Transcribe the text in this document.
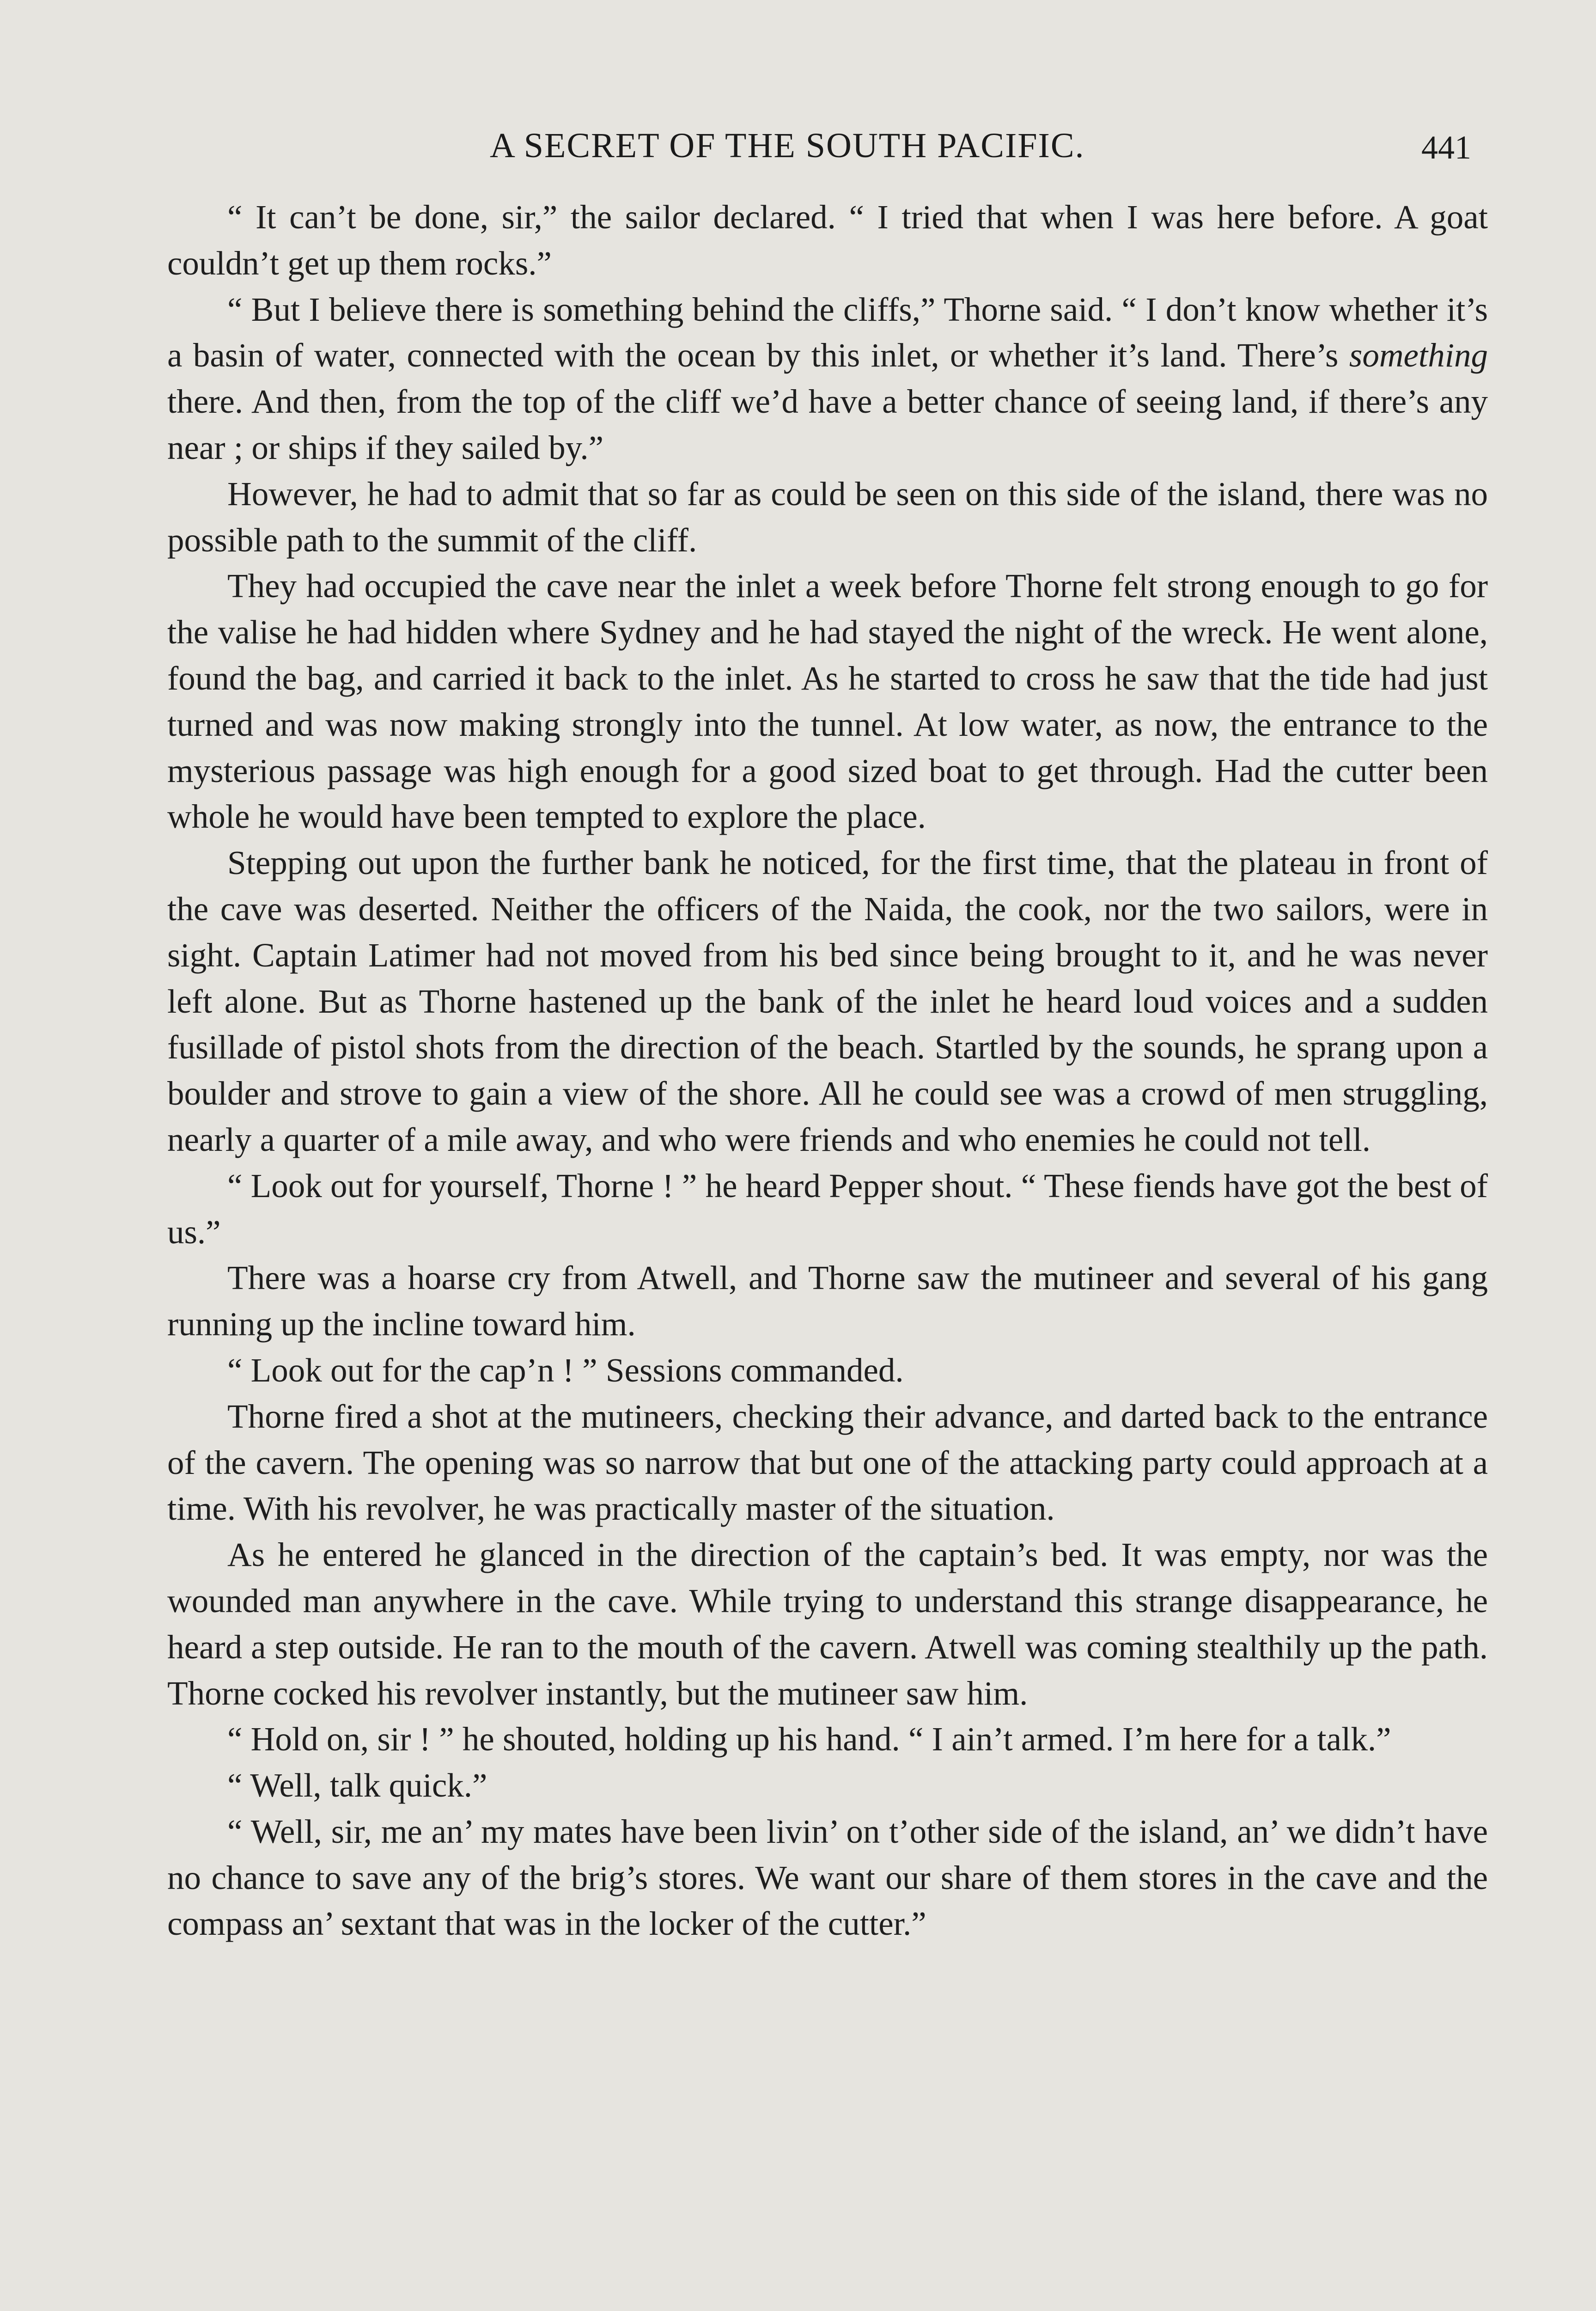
A SECRET OF THE SOUTH PACIFIC.	441

“ It can’t be done, sir,” the sailor declared. “ I tried that when I was here before. A goat couldn’t get up them rocks.”

“ But I believe there is something behind the cliffs,” Thorne said. “ I don’t know whether it’s a basin of water, connected with the ocean by this inlet, or whether it’s land. There’s something there. And then, from the top of the cliff we’d have a better chance of seeing land, if there’s any near ; or ships if they sailed by.”

However, he had to admit that so far as could be seen on this side of the island, there was no possible path to the summit of the cliff.

They had occupied the cave near the inlet a week before Thorne felt strong enough to go for the valise he had hidden where Sydney and he had stayed the night of the wreck. He went alone, found the bag, and carried it back to the inlet. As he started to cross he saw that the tide had just turned and was now making strongly into the tunnel. At low water, as now, the entrance to the mysterious passage was high enough for a good sized boat to get through. Had the cutter been whole he would have been tempted to explore the place.

Stepping out upon the further bank he noticed, for the first time, that the plateau in front of the cave was deserted. Neither the officers of the Naida, the cook, nor the two sailors, were in sight. Captain Latimer had not moved from his bed since being brought to it, and he was never left alone. But as Thorne hastened up the bank of the inlet he heard loud voices and a sudden fusillade of pistol shots from the direction of the beach. Startled by the sounds, he sprang upon a boulder and strove to gain a view of the shore. All he could see was a crowd of men struggling, nearly a quarter of a mile away, and who were friends and who enemies he could not tell.

“ Look out for yourself, Thorne ! ” he heard Pepper shout. “ These fiends have got the best of us.”

There was a hoarse cry from Atwell, and Thorne saw the mutineer and several of his gang running up the incline toward him.

“ Look out for the cap’n ! ” Sessions commanded.

Thorne fired a shot at the mutineers, checking their advance, and darted back to the entrance of the cavern. The opening was so narrow that but one of the attacking party could approach at a time. With his revolver, he was practically master of the situation.

As he entered he glanced in the direction of the captain’s bed. It was empty, nor was the wounded man anywhere in the cave. While trying to understand this strange disappearance, he heard a step outside. He ran to the mouth of the cavern. Atwell was coming stealthily up the path. Thorne cocked his revolver instantly, but the mutineer saw him.

“ Hold on, sir ! ” he shouted, holding up his hand. “ I ain’t armed. I’m here for a talk.”

“ Well, talk quick.”

“ Well, sir, me an’ my mates have been livin’ on t’other side of the island, an’ we didn’t have no chance to save any of the brig’s stores. We want our share of them stores in the cave and the compass an’ sextant that was in the locker of the cutter.”
